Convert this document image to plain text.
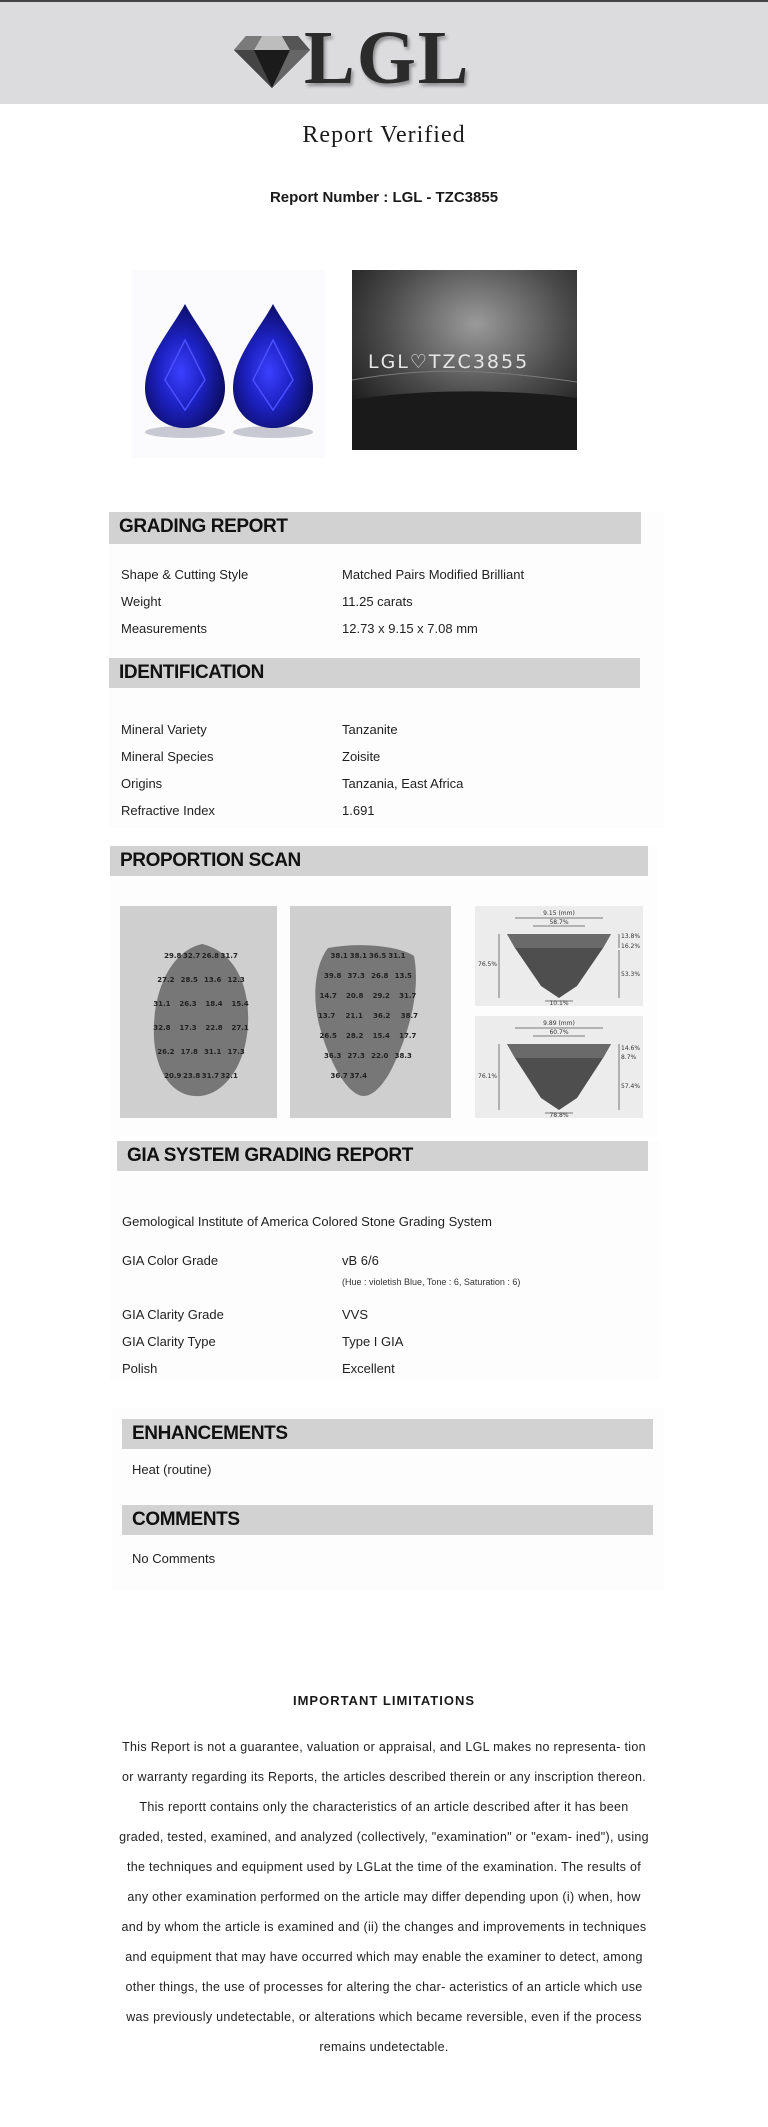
LGL
Report Verified
Report Number : LGL - TZC3855
LGL♡TZC3855
GRADING REPORT
Shape & Cutting Style	Matched Pairs Modified Brilliant
Weight	11.25 carats
Measurements	12.73 x 9.15 x 7.08 mm
IDENTIFICATION
Mineral Variety	Tanzanite
Mineral Species	Zoisite
Origins	Tanzania, East Africa
Refractive Index	1.691
PROPORTION SCAN
29.8 32.7 26.8 31.7
27.2 28.5 13.6 12.3
31.1 26.3 18.4 15.4
32.8 17.3 22.8 27.1
26.2 17.8 31.1 17.3
20.9 23.8 31.7 32.1
38.1 38.1 36.5 31.1
39.8 37.3 26.8 13.5
14.7 20.8 29.2 31.7
13.7 21.1 36.2 38.7
26.5 28.2 15.4 17.7
36.3 27.3 22.0 38.3
36.7 37.4
9.15 (mm)
58.7%
76.5%
13.8%
16.2%
53.3%
10.1%
9.89 (mm)
60.7%
76.1%
14.6%
8.7%
57.4%
78.8%
GIA SYSTEM GRADING REPORT
Gemological Institute of America Colored Stone Grading System
GIA Color Grade	vB 6/6
(Hue : violetish Blue, Tone : 6, Saturation : 6)
GIA Clarity Grade	VVS
GIA Clarity Type	Type I GIA
Polish	Excellent
ENHANCEMENTS
Heat (routine)
COMMENTS
No Comments
IMPORTANT LIMITATIONS
This Report is not a guarantee, valuation or appraisal, and LGL makes no representa- tion or warranty regarding its Reports, the articles described therein or any inscription thereon. This reportt contains only the characteristics of an article described after it has been graded, tested, examined, and analyzed (collectively, "examination" or "exam- ined"), using the techniques and equipment used by LGLat the time of the examination. The results of any other examination performed on the article may differ depending upon (i) when, how and by whom the article is examined and (ii) the changes and improvements in techniques and equipment that may have occurred which may enable the examiner to detect, among other things, the use of processes for altering the char- acteristics of an article which use was previously undetectable, or alterations which became reversible, even if the process remains undetectable.
